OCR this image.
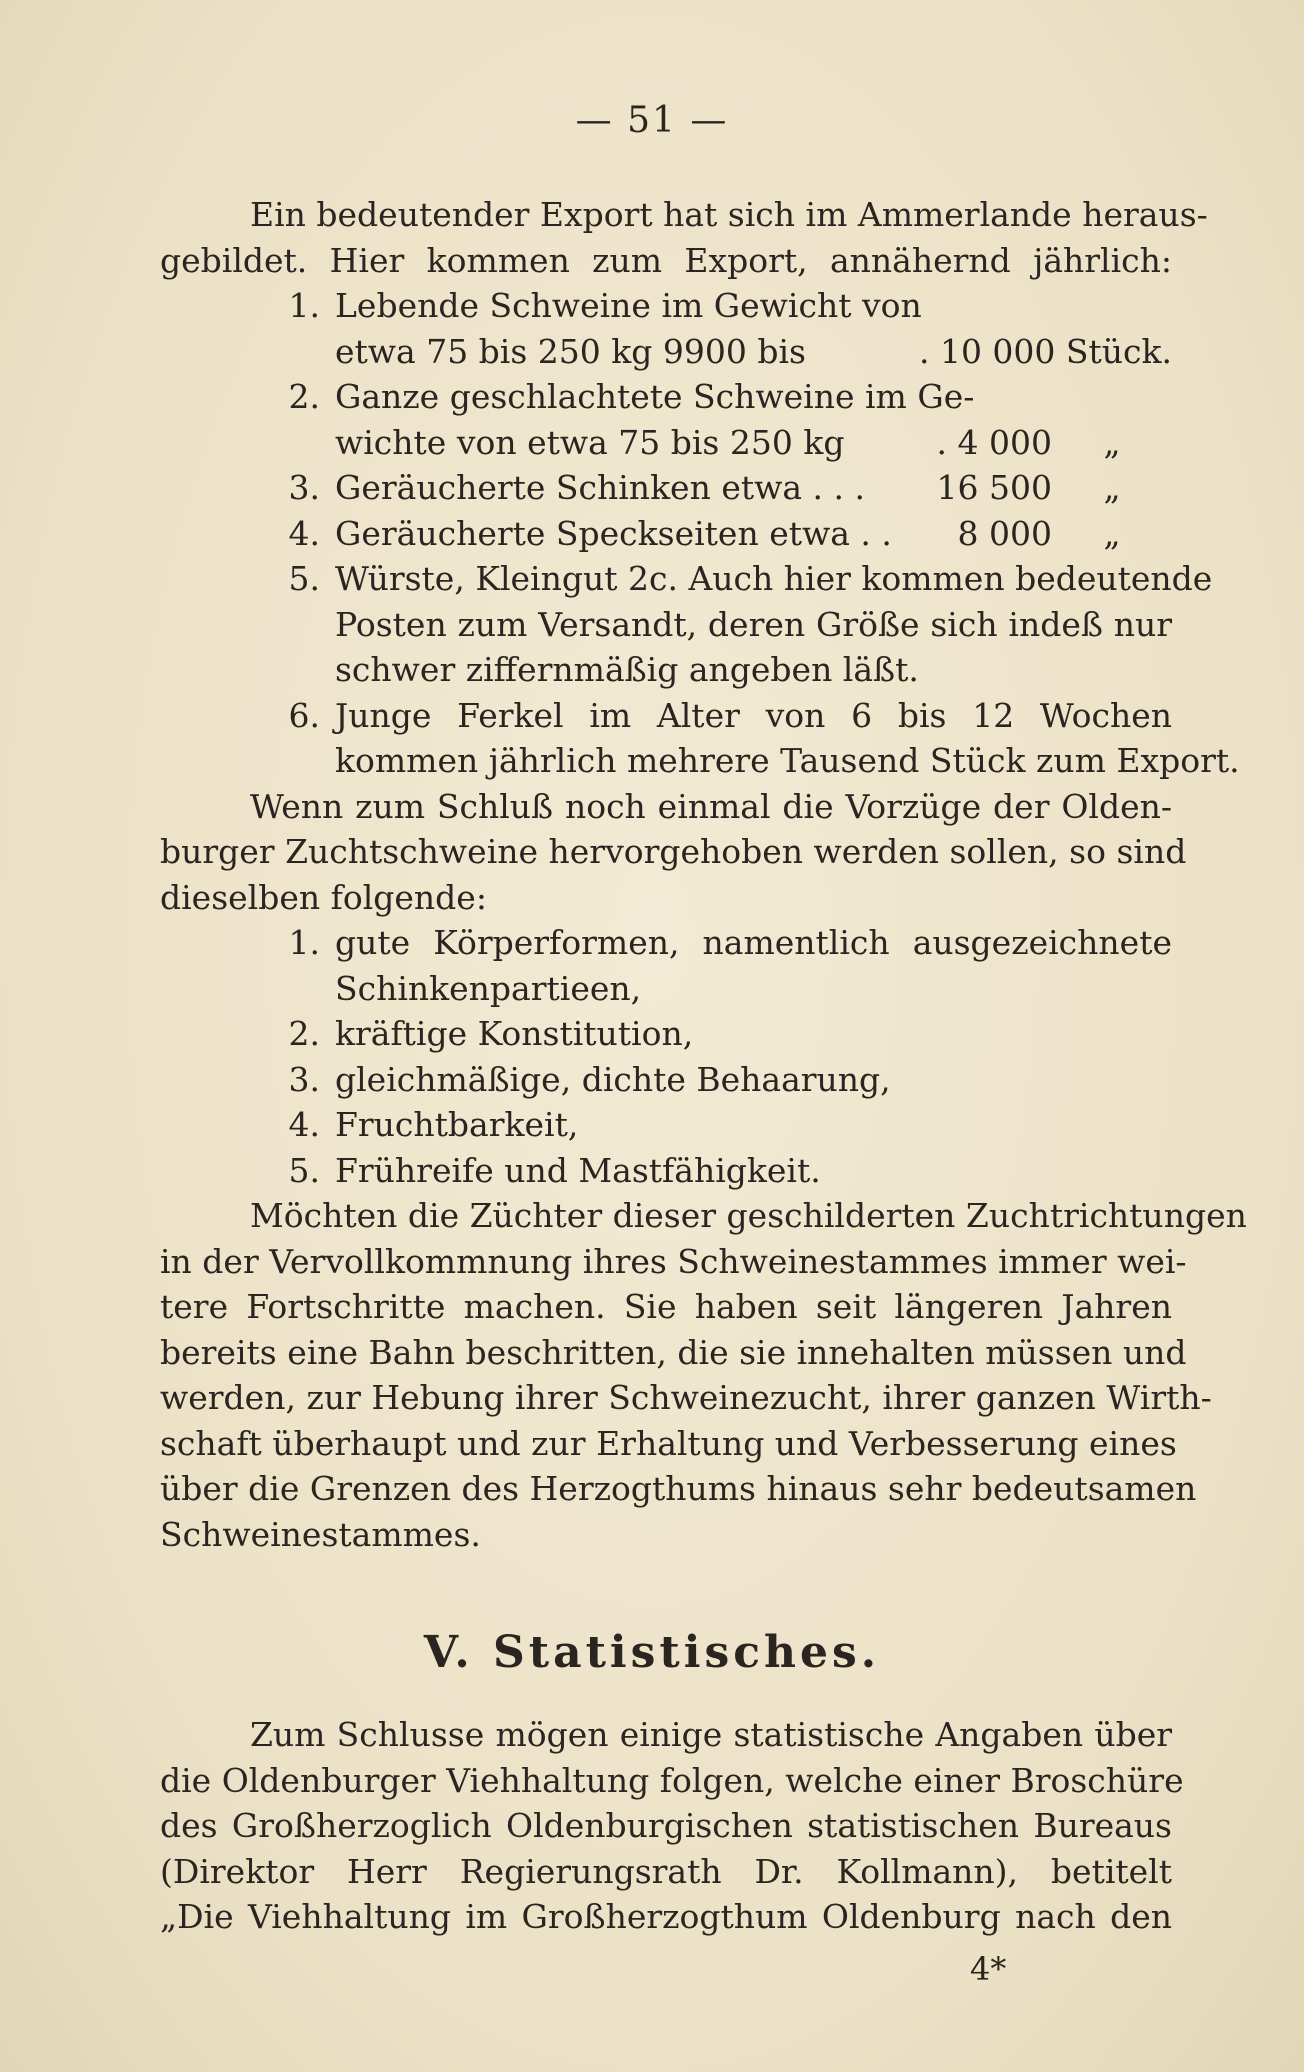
— 51 —
Ein bedeutender Export hat sich im Ammerlande heraus-
gebildet. Hier kommen zum Export, annähernd jährlich:
1. Lebende Schweine im Gewicht von
etwa 75 bis 250 kg 9900 bis	. 10 000 Stück.
2. Ganze geschlachtete Schweine im Ge-
wichte von etwa 75 bis 250 kg	. 4 000	„
3. Geräucherte Schinken etwa . . .	16 500	„
4. Geräucherte Speckseiten etwa . .	8 000	„
5. Würste, Kleingut 2c. Auch hier kommen bedeutende
Posten zum Versandt, deren Größe sich indeß nur
schwer ziffernmäßig angeben läßt.
6. Junge Ferkel im Alter von 6 bis 12 Wochen
kommen jährlich mehrere Tausend Stück zum Export.
Wenn zum Schluß noch einmal die Vorzüge der Olden-
burger Zuchtschweine hervorgehoben werden sollen, so sind
dieselben folgende:
1. gute Körperformen, namentlich ausgezeichnete
Schinkenpartieen,
2. kräftige Konstitution,
3. gleichmäßige, dichte Behaarung,
4. Fruchtbarkeit,
5. Frühreife und Mastfähigkeit.
Möchten die Züchter dieser geschilderten Zuchtrichtungen
in der Vervollkommnung ihres Schweinestammes immer wei-
tere Fortschritte machen. Sie haben seit längeren Jahren
bereits eine Bahn beschritten, die sie innehalten müssen und
werden, zur Hebung ihrer Schweinezucht, ihrer ganzen Wirth-
schaft überhaupt und zur Erhaltung und Verbesserung eines
über die Grenzen des Herzogthums hinaus sehr bedeutsamen
Schweinestammes.
V. Statistisches.
Zum Schlusse mögen einige statistische Angaben über
die Oldenburger Viehhaltung folgen, welche einer Broschüre
des Großherzoglich Oldenburgischen statistischen Bureaus
(Direktor Herr Regierungsrath Dr. Kollmann), betitelt
„Die Viehhaltung im Großherzogthum Oldenburg nach den
4*
